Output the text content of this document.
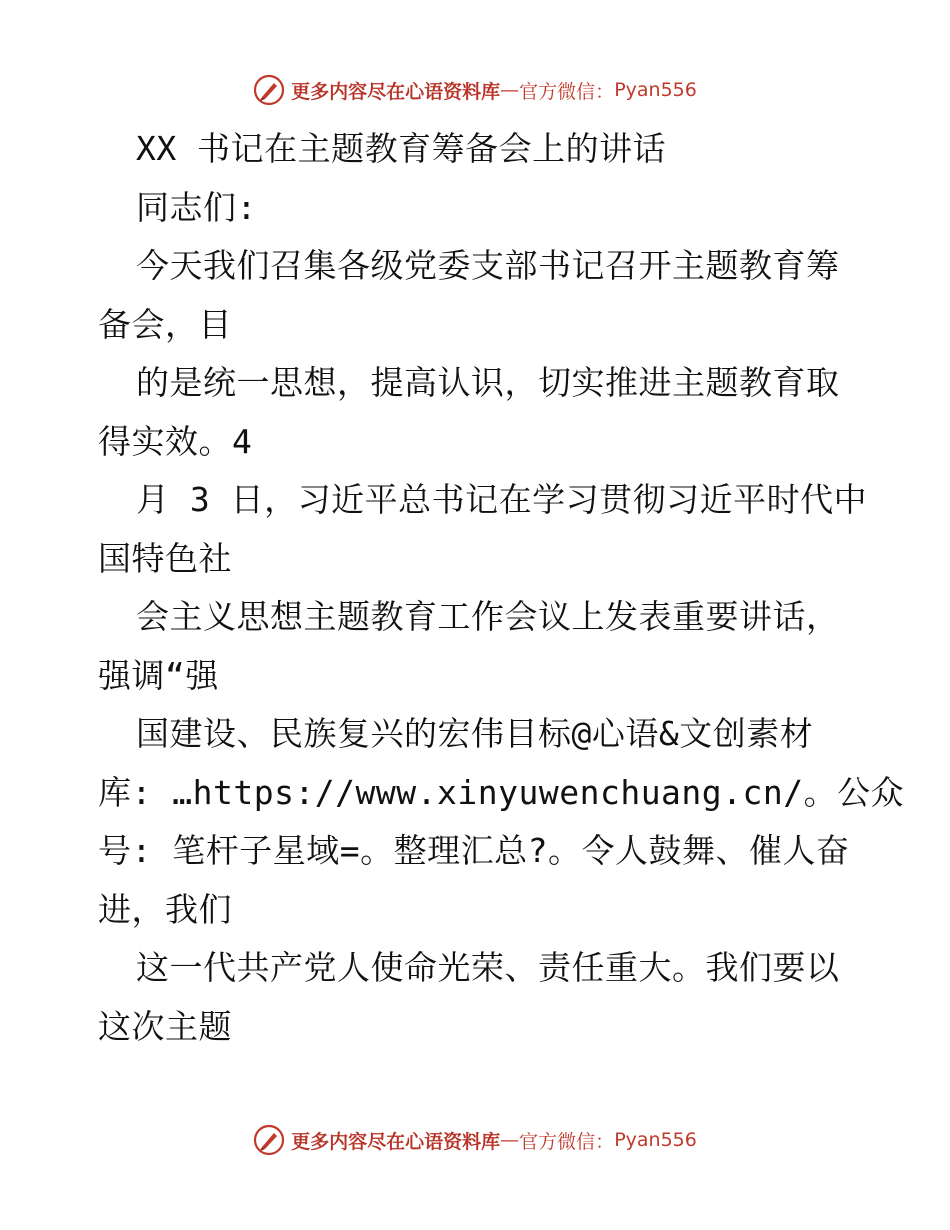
更多内容尽在心语资料库 — 官方微信： Pyan556
XX 书记在主题教育筹备会上的讲话
同志们:
今天我们召集各级党委支部书记召开主题教育筹
备会，目
的是统一思想，提高认识，切实推进主题教育取
得实效。4
月 3 日，习近平总书记在学习贯彻习近平时代中
国特色社
会主义思想主题教育工作会议上发表重要讲话，
强调“强
国建设、民族复兴的宏伟目标@心语&文创素材
库: …https://www.xinyuwenchuang.cn/。公众
号: 笔杆子星域=。整理汇总?。令人鼓舞、催人奋
进，我们
这一代共产党人使命光荣、责任重大。我们要以
这次主题
更多内容尽在心语资料库 — 官方微信： Pyan556
